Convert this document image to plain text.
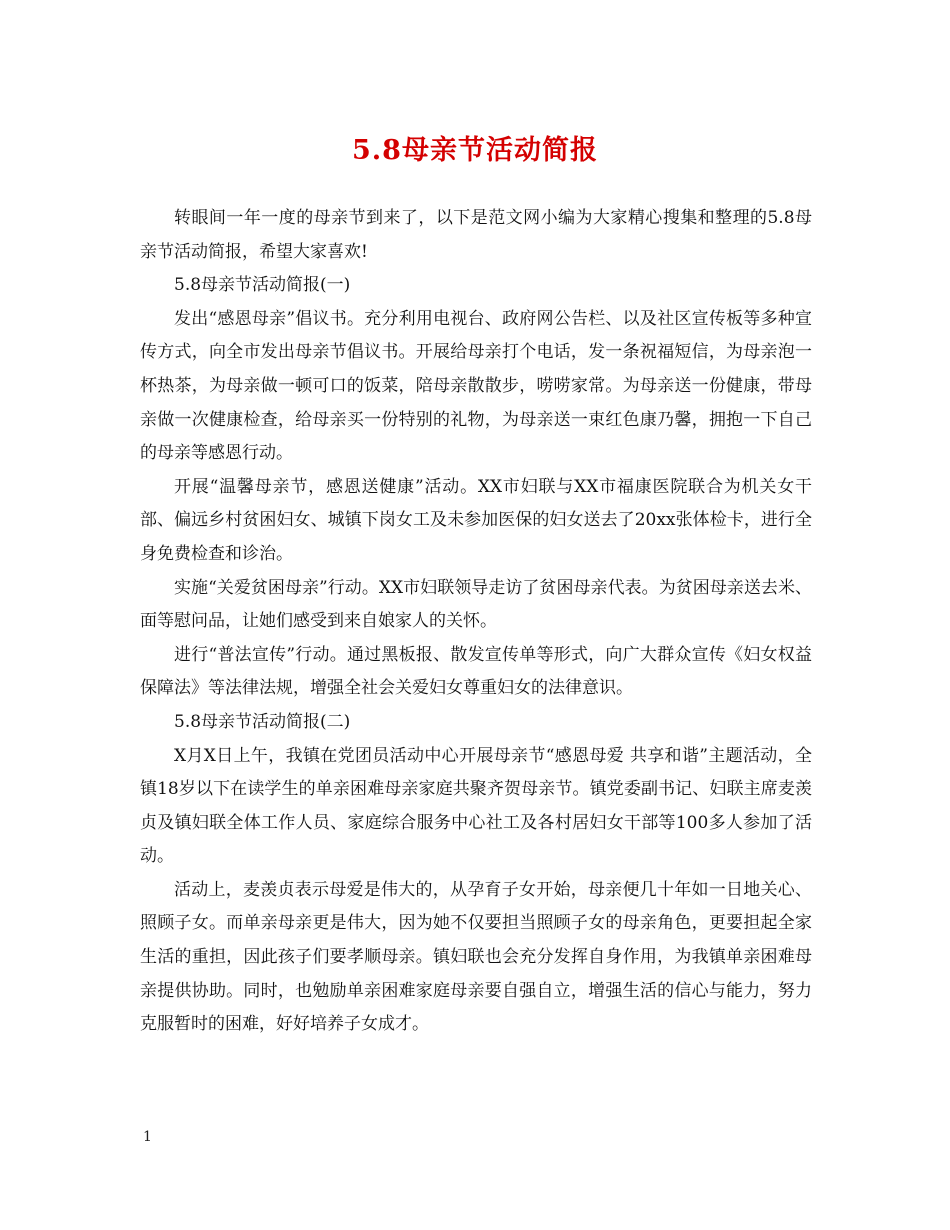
5.8母亲节活动简报

转眼间一年一度的母亲节到来了，以下是范文网小编为大家精心搜集和整理的5.8母亲节活动简报，希望大家喜欢!

5.8母亲节活动简报(一)

发出“感恩母亲”倡议书。充分利用电视台、政府网公告栏、以及社区宣传板等多种宣传方式，向全市发出母亲节倡议书。开展给母亲打个电话，发一条祝福短信，为母亲泡一杯热茶，为母亲做一顿可口的饭菜，陪母亲散散步，唠唠家常。为母亲送一份健康，带母亲做一次健康检查，给母亲买一份特别的礼物，为母亲送一束红色康乃馨，拥抱一下自己的母亲等感恩行动。

开展“温馨母亲节，感恩送健康”活动。XX市妇联与XX市福康医院联合为机关女干部、偏远乡村贫困妇女、城镇下岗女工及未参加医保的妇女送去了20xx张体检卡，进行全身免费检查和诊治。

实施“关爱贫困母亲”行动。XX市妇联领导走访了贫困母亲代表。为贫困母亲送去米、面等慰问品，让她们感受到来自娘家人的关怀。

进行“普法宣传”行动。通过黑板报、散发宣传单等形式，向广大群众宣传《妇女权益保障法》等法律法规，增强全社会关爱妇女尊重妇女的法律意识。

5.8母亲节活动简报(二)

X月X日上午，我镇在党团员活动中心开展母亲节“感恩母爱 共享和谐”主题活动，全镇18岁以下在读学生的单亲困难母亲家庭共聚齐贺母亲节。镇党委副书记、妇联主席麦羡贞及镇妇联全体工作人员、家庭综合服务中心社工及各村居妇女干部等100多人参加了活动。

活动上，麦羡贞表示母爱是伟大的，从孕育子女开始，母亲便几十年如一日地关心、照顾子女。而单亲母亲更是伟大，因为她不仅要担当照顾子女的母亲角色，更要担起全家生活的重担，因此孩子们要孝顺母亲。镇妇联也会充分发挥自身作用，为我镇单亲困难母亲提供协助。同时，也勉励单亲困难家庭母亲要自强自立，增强生活的信心与能力，努力克服暂时的困难，好好培养子女成才。

1
